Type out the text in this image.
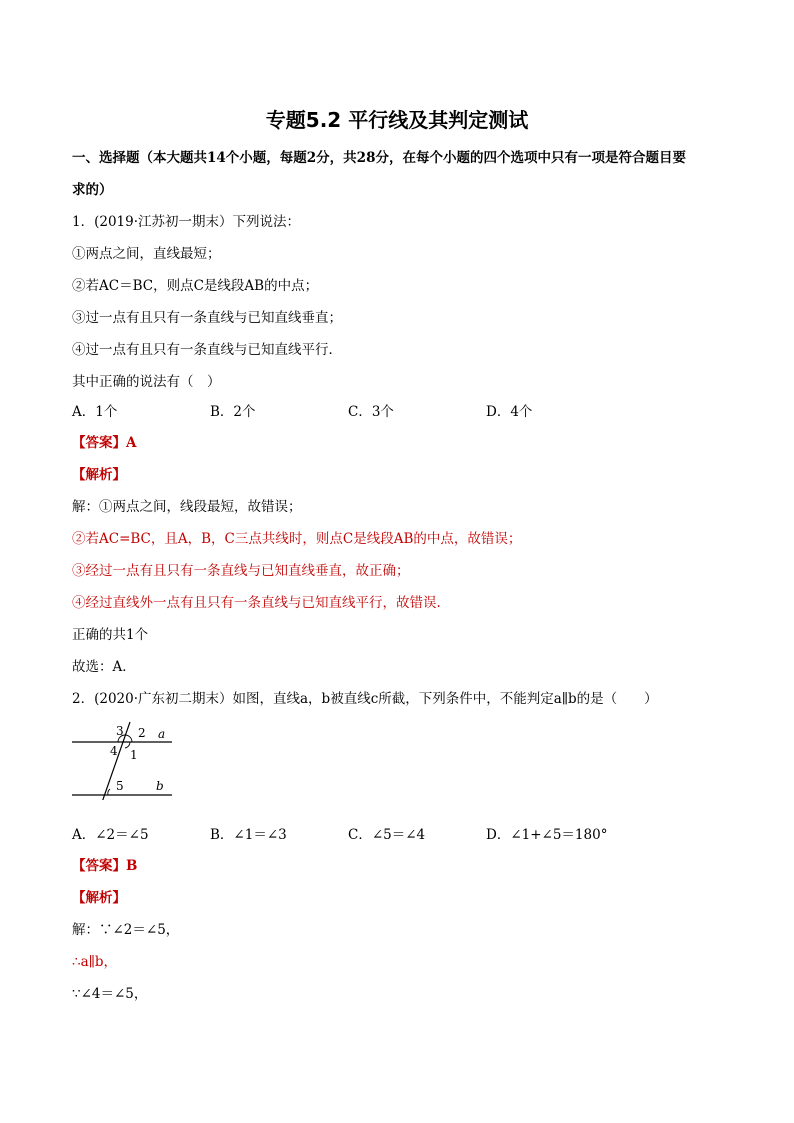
专题5.2 平行线及其判定测试
一、选择题（本大题共14个小题，每题2分，共28分，在每个小题的四个选项中只有一项是符合题目要
求的）
1．(2019·江苏初一期末）下列说法：
①两点之间，直线最短；
②若AC＝BC，则点C是线段AB的中点；
③过一点有且只有一条直线与已知直线垂直；
④过一点有且只有一条直线与已知直线平行．
其中正确的说法有（　）
A．1个	B．2个	C．3个	D．4个
【答案】A
【解析】
解：①两点之间，线段最短，故错误；
②若AC=BC，且A，B，C三点共线时，则点C是线段AB的中点，故错误；
③经过一点有且只有一条直线与已知直线垂直，故正确；
④经过直线外一点有且只有一条直线与已知直线平行，故错误.
正确的共1个
故选：A．
2．(2020·广东初二期末）如图，直线a，b被直线c所截，下列条件中，不能判定a∥b的是（　　）
3 2 a
4 1
5	b
A．∠2＝∠5	B．∠1＝∠3	C．∠5＝∠4	D．∠1+∠5＝180°
【答案】B
【解析】
解：∵∠2＝∠5，
∴a∥b，
∵∠4＝∠5，
